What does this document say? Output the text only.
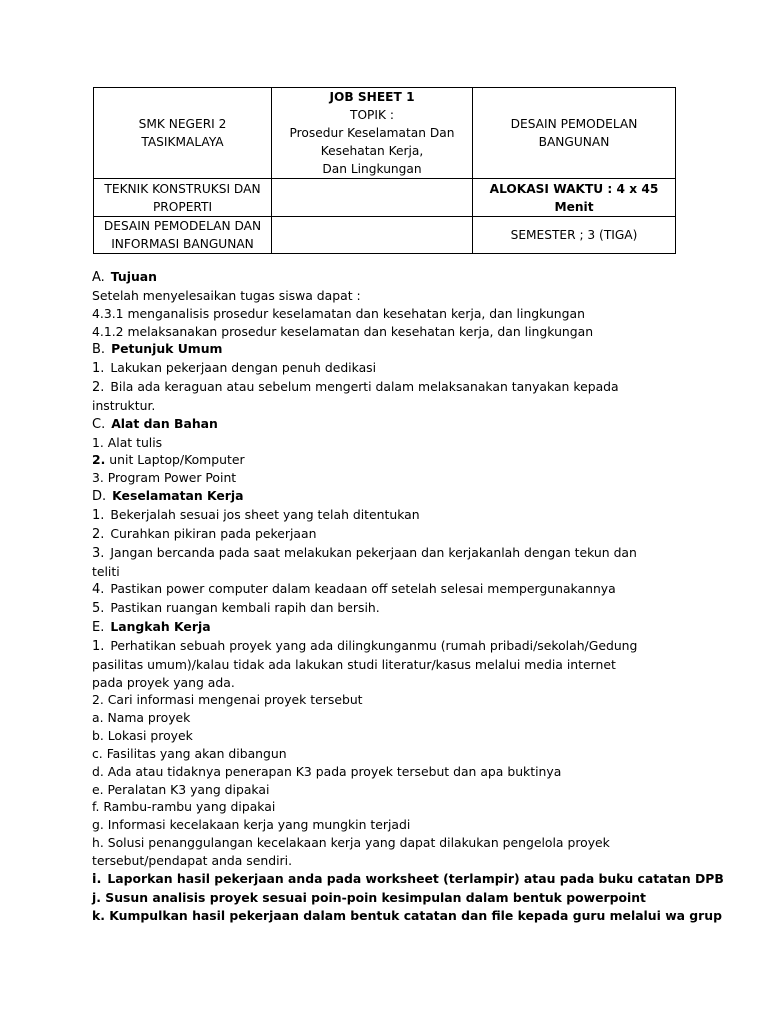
SMK NEGERI 2 TASIKMALAYA	JOB SHEET 1
TOPIK :
Prosedur Keselamatan Dan
Kesehatan Kerja,
Dan Lingkungan	DESAIN PEMODELAN BANGUNAN
TEKNIK KONSTRUKSI DAN PROPERTI		ALOKASI WAKTU : 4 x 45 Menit
DESAIN PEMODELAN DAN INFORMASI BANGUNAN		SEMESTER ; 3 (TIGA)
A. Tujuan
Setelah menyelesaikan tugas siswa dapat :
4.3.1 menganalisis prosedur keselamatan dan kesehatan kerja, dan lingkungan
4.1.2 melaksanakan prosedur keselamatan dan kesehatan kerja, dan lingkungan
B. Petunjuk Umum
1. Lakukan pekerjaan dengan penuh dedikasi
2. Bila ada keraguan atau sebelum mengerti dalam melaksanakan tanyakan kepada
instruktur.
C. Alat dan Bahan
1. Alat tulis
2. unit Laptop/Komputer
3. Program Power Point
D. Keselamatan Kerja
1. Bekerjalah sesuai jos sheet yang telah ditentukan
2. Curahkan pikiran pada pekerjaan
3. Jangan bercanda pada saat melakukan pekerjaan dan kerjakanlah dengan tekun dan
teliti
4. Pastikan power computer dalam keadaan off setelah selesai mempergunakannya
5. Pastikan ruangan kembali rapih dan bersih.
E. Langkah Kerja
1. Perhatikan sebuah proyek yang ada dilingkunganmu (rumah pribadi/sekolah/Gedung
pasilitas umum)/kalau tidak ada lakukan studi literatur/kasus melalui media internet
pada proyek yang ada.
2. Cari informasi mengenai proyek tersebut
a. Nama proyek
b. Lokasi proyek
c. Fasilitas yang akan dibangun
d. Ada atau tidaknya penerapan K3 pada proyek tersebut dan apa buktinya
e. Peralatan K3 yang dipakai
f. Rambu-rambu yang dipakai
g. Informasi kecelakaan kerja yang mungkin terjadi
h. Solusi penanggulangan kecelakaan kerja yang dapat dilakukan pengelola proyek
tersebut/pendapat anda sendiri.
i. Laporkan hasil pekerjaan anda pada worksheet (terlampir) atau pada buku catatan DPB
j. Susun analisis proyek sesuai poin-poin kesimpulan dalam bentuk powerpoint
k. Kumpulkan hasil pekerjaan dalam bentuk catatan dan file kepada guru melalui wa grup
